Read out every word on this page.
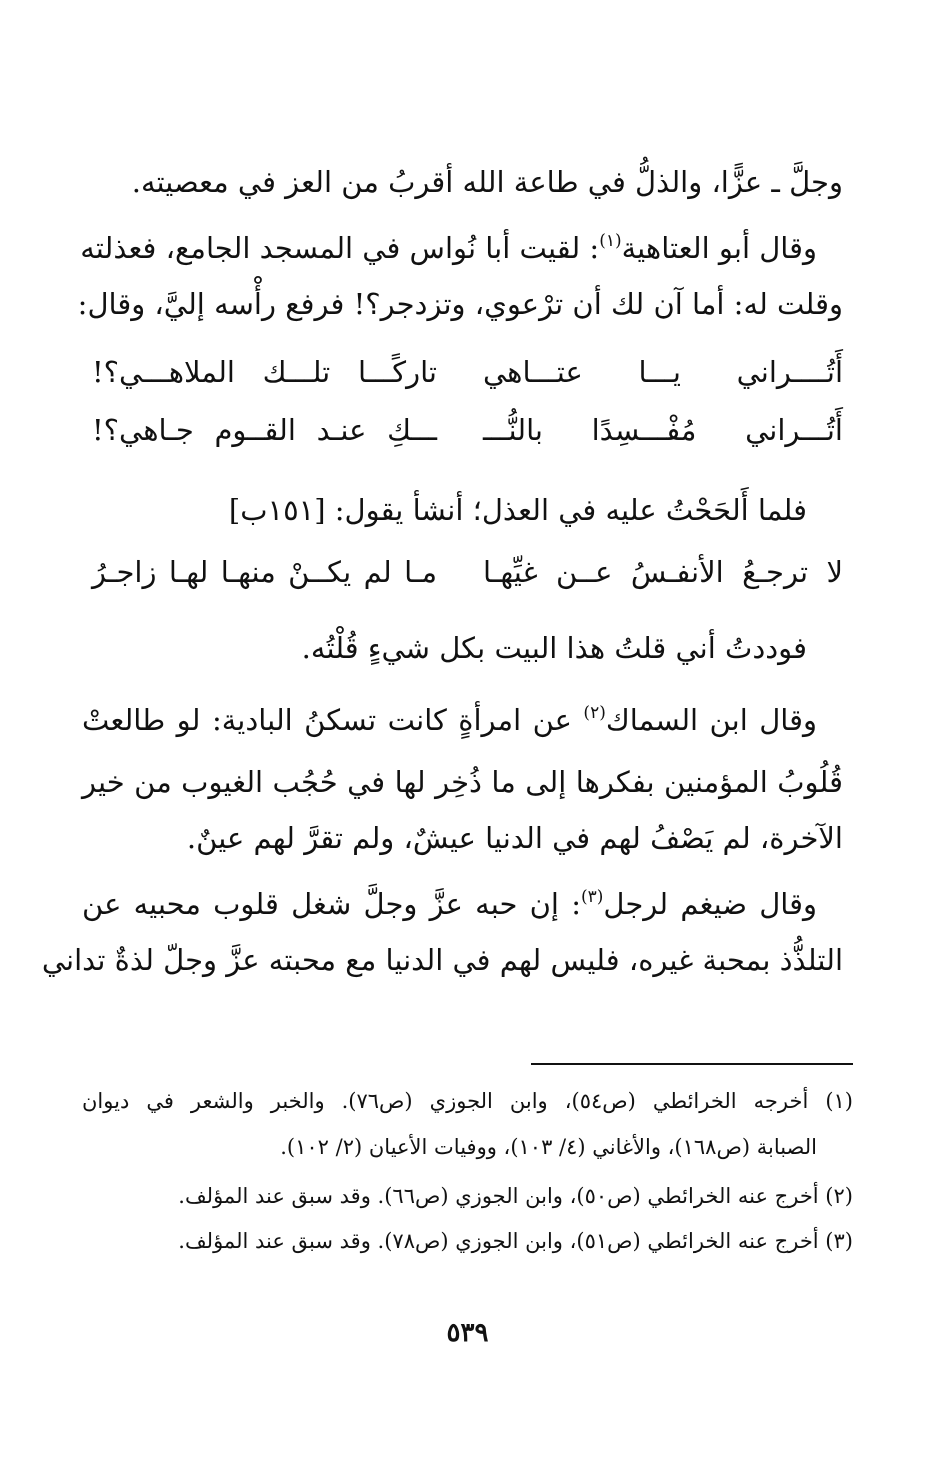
وجلَّ ـ عزًّا، والذلُّ في طاعة الله أقربُ من العز في معصيته.
وقال أبو العتاهية$^{(١)}$: لقيت أبا نُواس في المسجد الجامع، فعذلته
وقلت له: أما آن لك أن ترْعوي، وتزدجر؟! فرفع رأْسه إليَّ، وقال:
أَتُــــراني يـــا عتـــاهي
تاركًـــا تلـــك الملاهـــي؟!
أَتُـــراني مُفْـــسِدًا بالنُّـــ
ـــكِ عنـد القــوم جـاهي؟!
فلما أَلحَحْتُ عليه في العذل؛ أنشأ يقول: [١٥١ب]
لا ترجـعُ الأنفـسُ عــن غيِّهـا
مـا لم يكــنْ منهـا لهـا زاجـرُ
فوددتُ أني قلتُ هذا البيت بكل شيءٍ قُلْتُه.
وقال ابن السماك$^{(٢)}$ عن امرأةٍ كانت تسكنُ البادية: لو طالعتْ
قُلُوبُ المؤمنين بفكرها إلى ما ذُخِر لها في حُجُب الغيوب من خير
الآخرة، لم يَصْفُ لهم في الدنيا عيشٌ، ولم تقرَّ لهم عينٌ.
وقال ضيغم لرجل$^{(٣)}$: إن حبه عزَّ وجلَّ شغل قلوب محبيه عن
التلذُّذ بمحبة غيره، فليس لهم في الدنيا مع محبته عزَّ وجلّ لذةٌ تداني
(١) أخرجه الخرائطي (ص٥٤)، وابن الجوزي (ص٧٦). والخبر والشعر في ديوان
الصبابة (ص١٦٨)، والأغاني (٤/ ١٠٣)، ووفيات الأعيان (٢/ ١٠٢).
(٢) أخرج عنه الخرائطي (ص٥٠)، وابن الجوزي (ص٦٦). وقد سبق عند المؤلف.
(٣) أخرج عنه الخرائطي (ص٥١)، وابن الجوزي (ص٧٨). وقد سبق عند المؤلف.
٥٣٩
